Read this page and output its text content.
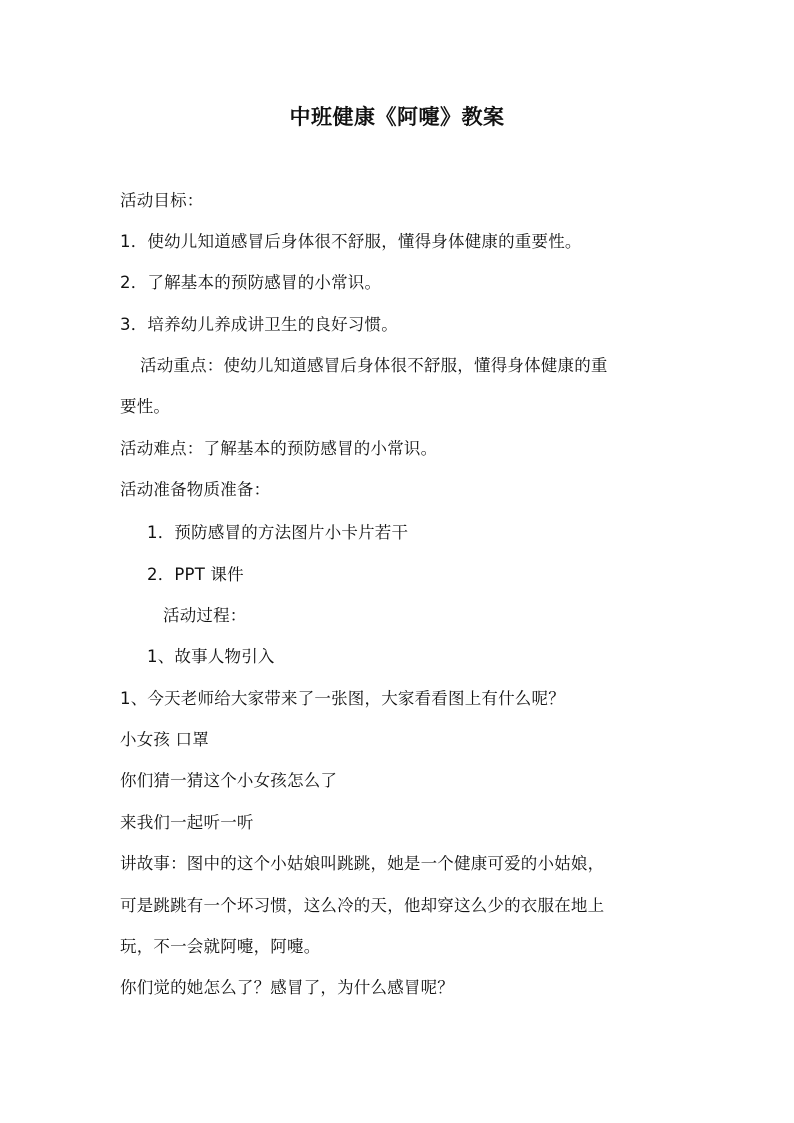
中班健康《阿嚏》教案
活动目标：
1．使幼儿知道感冒后身体很不舒服，懂得身体健康的重要性。
2．了解基本的预防感冒的小常识。
3．培养幼儿养成讲卫生的良好习惯。
活动重点：使幼儿知道感冒后身体很不舒服，懂得身体健康的重
要性。
活动难点：了解基本的预防感冒的小常识。
活动准备物质准备：
1．预防感冒的方法图片小卡片若干
2．PPT 课件
活动过程：
1、故事人物引入
1、今天老师给大家带来了一张图，大家看看图上有什么呢？
小女孩 口罩
你们猜一猜这个小女孩怎么了
来我们一起听一听
讲故事：图中的这个小姑娘叫跳跳，她是一个健康可爱的小姑娘，
可是跳跳有一个坏习惯，这么冷的天，他却穿这么少的衣服在地上
玩，不一会就阿嚏，阿嚏。
你们觉的她怎么了？感冒了，为什么感冒呢？
